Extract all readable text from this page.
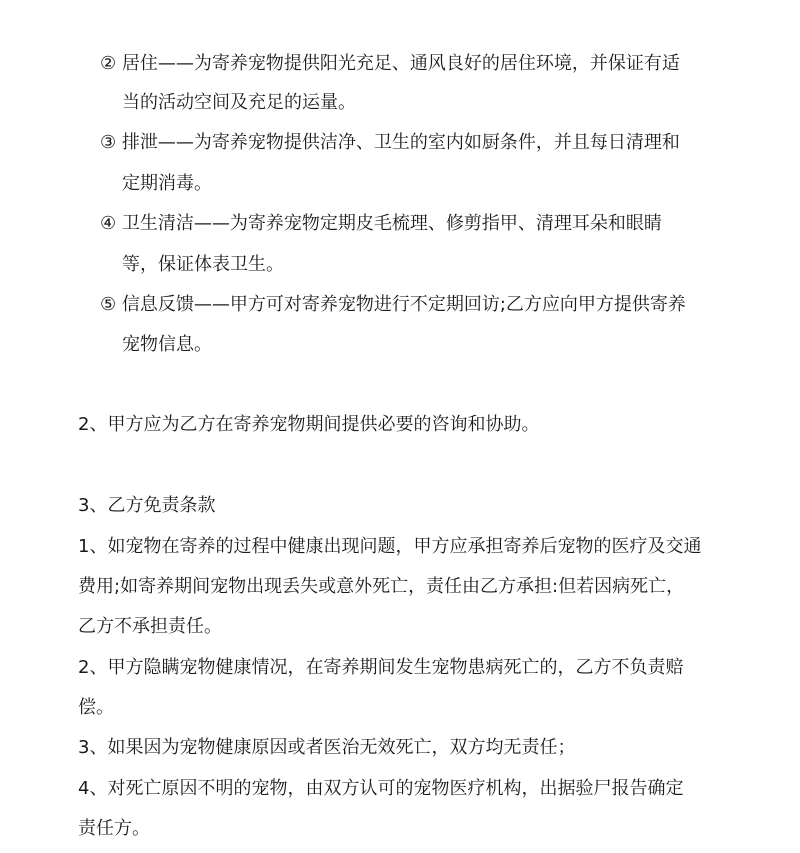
② 居住——为寄养宠物提供阳光充足、通风良好的居住环境，并保证有适
当的活动空间及充足的运量。
③ 排泄——为寄养宠物提供洁净、卫生的室内如厨条件，并且每日清理和
定期消毒。
④ 卫生清洁——为寄养宠物定期皮毛梳理、修剪指甲、清理耳朵和眼睛
等，保证体表卫生。
⑤ 信息反馈——甲方可对寄养宠物进行不定期回访;乙方应向甲方提供寄养
宠物信息。
2、甲方应为乙方在寄养宠物期间提供必要的咨询和协助。
3、乙方免责条款
1、如宠物在寄养的过程中健康出现问题，甲方应承担寄养后宠物的医疗及交通
费用;如寄养期间宠物出现丢失或意外死亡，责任由乙方承担:但若因病死亡，
乙方不承担责任。
2、甲方隐瞒宠物健康情况，在寄养期间发生宠物患病死亡的，乙方不负责赔
偿。
3、如果因为宠物健康原因或者医治无效死亡，双方均无责任；
4、对死亡原因不明的宠物，由双方认可的宠物医疗机构，出据验尸报告确定
责任方。
